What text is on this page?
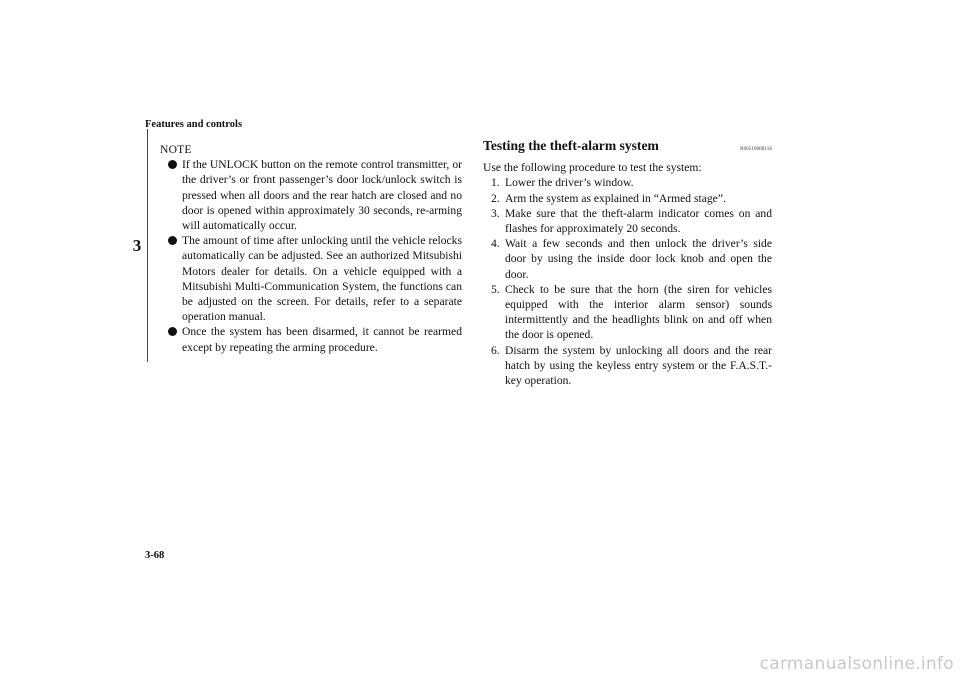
Features and controls
3
NOTE
If the UNLOCK button on the remote control transmitter, or the driver’s or front passenger’s door lock/unlock switch is pressed when all doors and the rear hatch are closed and no door is opened within approximately 30 seconds, re-arming will automatically occur.
The amount of time after unlocking until the vehicle relocks automatically can be adjusted. See an authorized Mitsubishi Motors dealer for details. On a vehicle equipped with a Mitsubishi Multi-Communication System, the functions can be adjusted on the screen. For details, refer to a separate operation manual.
Once the system has been disarmed, it cannot be rearmed except by repeating the arming procedure.
Testing the theft-alarm system	N00510600118
Use the following procedure to test the system:
1. Lower the driver’s window.
2. Arm the system as explained in “Armed stage”.
3. Make sure that the theft-alarm indicator comes on and flashes for approximately 20 seconds.
4. Wait a few seconds and then unlock the driver’s side door by using the inside door lock knob and open the door.
5. Check to be sure that the horn (the siren for vehicles equipped with the interior alarm sensor) sounds intermittently and the headlights blink on and off when the door is opened.
6. Disarm the system by unlocking all doors and the rear hatch by using the keyless entry system or the F.A.S.T.-key operation.
3-68
carmanualsonline.info
